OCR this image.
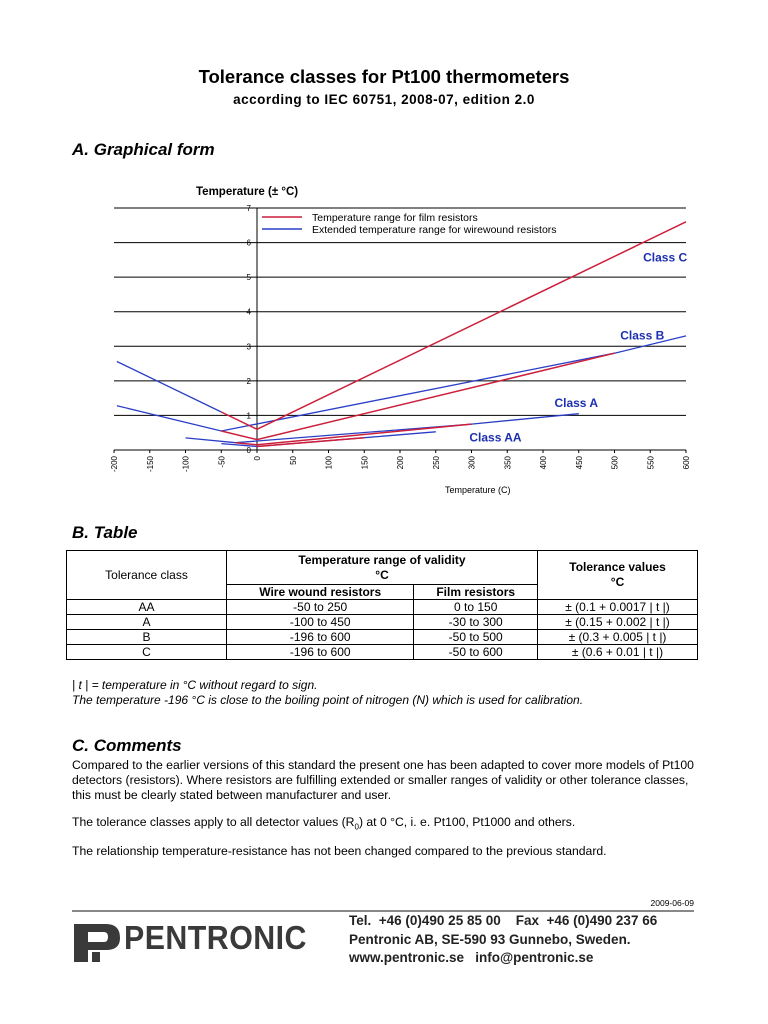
Tolerance classes for Pt100 thermometers
according to IEC 60751, 2008-07, edition 2.0
A. Graphical form
Temperature (± °C)
0
1
2
3
4
5
6
7
-200	-150	-100	-50	0	50	100	150	200	250	300	350	400	450	500	550	600
Temperature (C)
Temperature range for film resistors
Extended temperature range for wirewound resistors
Class C
Class B
Class A
Class AA
B. Table
Tolerance class	Temperature range of validity
°C		Tolerance values
°C
	Wire wound resistors	Film resistors	
AA	-50 to 250	0 to 150	± (0.1 + 0.0017 | t |)
A	-100 to 450	-30 to 300	± (0.15 + 0.002 | t |)
B	-196 to 600	-50 to 500	± (0.3 + 0.005 | t |)
C	-196 to 600	-50 to 600	± (0.6 + 0.01 | t |)
| t | = temperature in °C without regard to sign.
The temperature -196 °C is close to the boiling point of nitrogen (N) which is used for calibration.
C. Comments
Compared to the earlier versions of this standard the present one has been adapted to cover more models of Pt100 detectors (resistors). Where resistors are fulfilling extended or smaller ranges of validity or other tolerance classes, this must be clearly stated between manufacturer and user.
The tolerance classes apply to all detector values $(R_0)$ at 0 °C, i. e. Pt100, Pt1000 and others.
The relationship temperature-resistance has not been changed compared to the previous standard.
2009-06-09
PENTRONIC	Tel.  +46 (0)490 25 85 00    Fax  +46 (0)490 237 66
Pentronic AB, SE-590 93 Gunnebo, Sweden.
www.pentronic.se   info@pentronic.se
